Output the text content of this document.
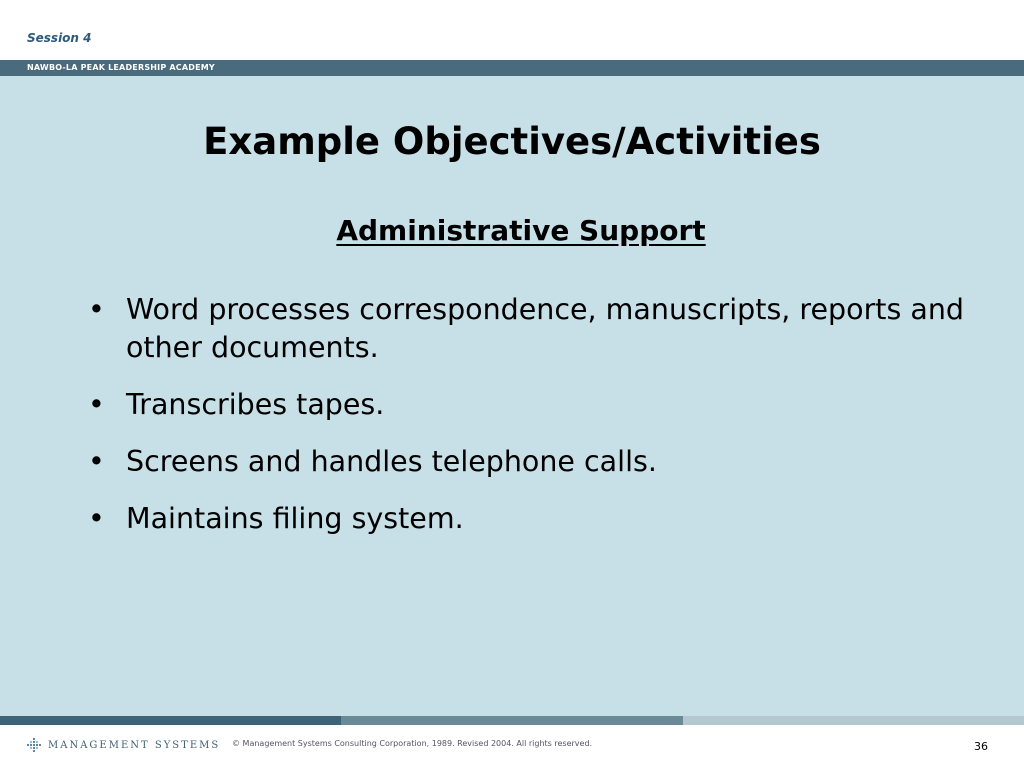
Session 4
NAWBO-LA PEAK LEADERSHIP ACADEMY
Example Objectives/Activities
Administrative Support
• Word processes correspondence, manuscripts, reports and other documents.
• Transcribes tapes.
• Screens and handles telephone calls.
• Maintains filing system.
MANAGEMENT SYSTEMS © Management Systems Consulting Corporation, 1989. Revised 2004. All rights reserved.	36
